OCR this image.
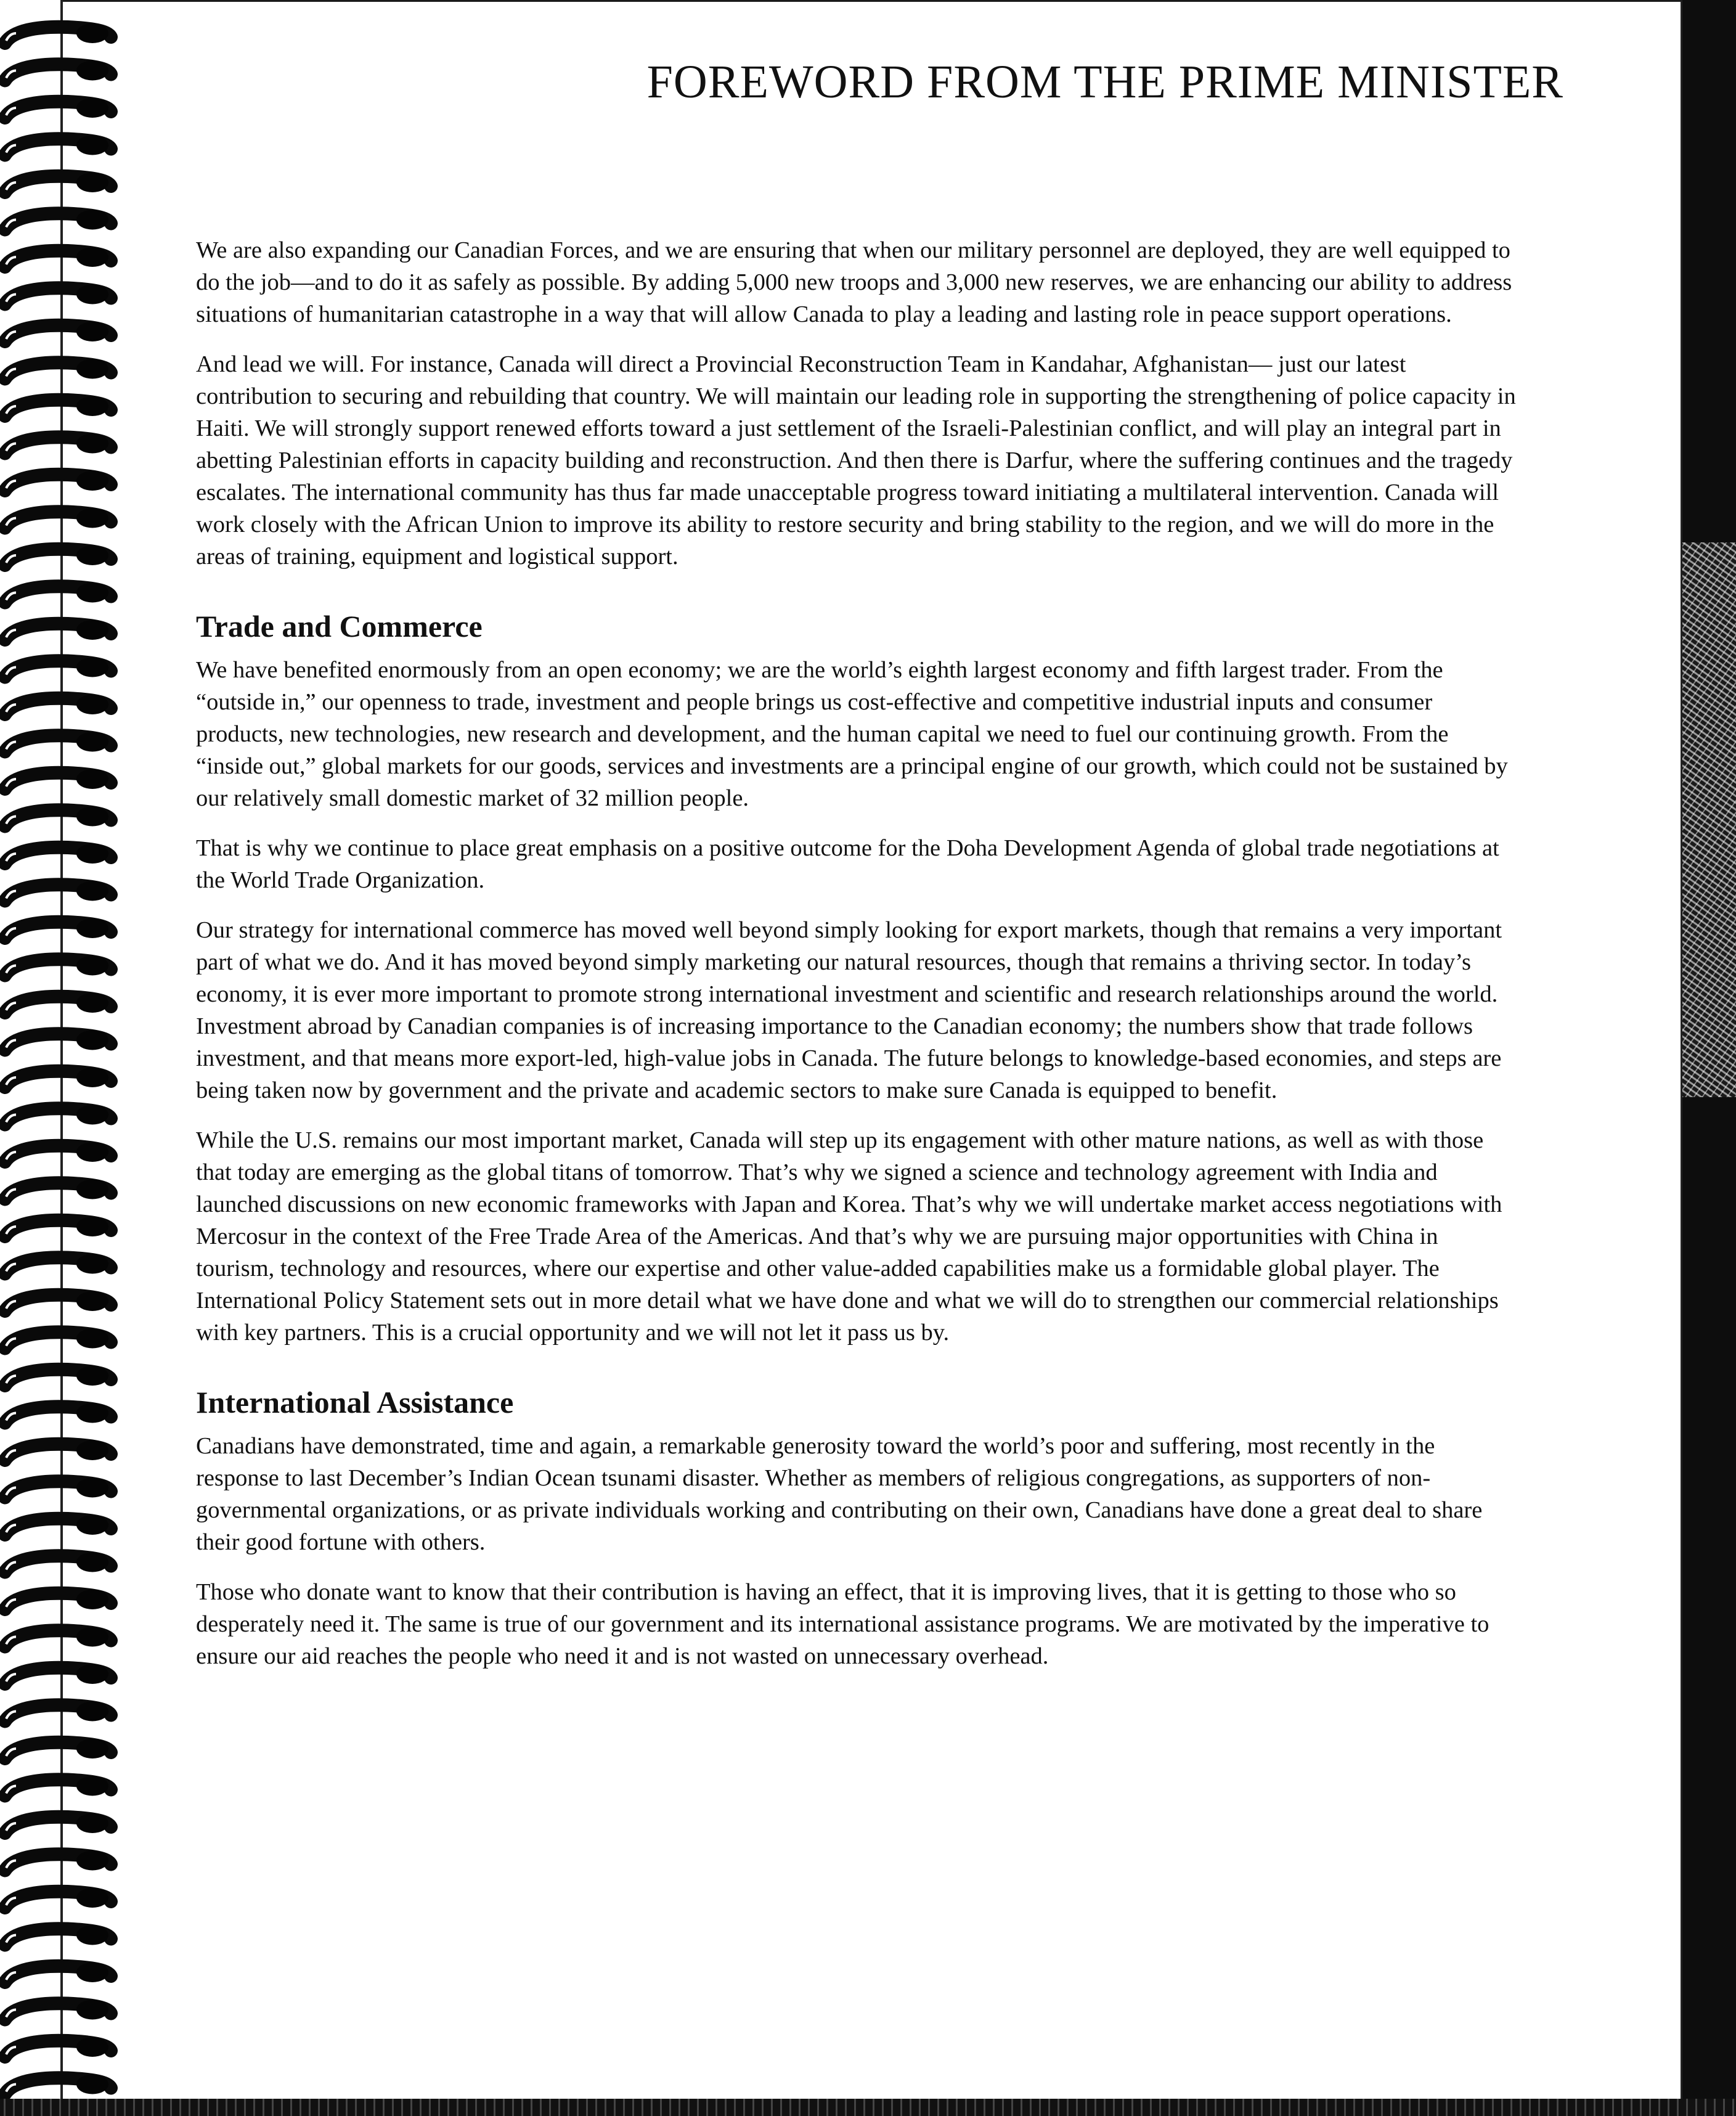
FOREWORD FROM THE PRIME MINISTER

We are also expanding our Canadian Forces, and we are ensuring that when our military personnel are deployed, they are well equipped to do the job—and to do it as safely as possible. By adding 5,000 new troops and 3,000 new reserves, we are enhancing our ability to address situations of humanitarian catastrophe in a way that will allow Canada to play a leading and lasting role in peace support operations.

And lead we will. For instance, Canada will direct a Provincial Reconstruction Team in Kandahar, Afghanistan— just our latest contribution to securing and rebuilding that country. We will maintain our leading role in supporting the strengthening of police capacity in Haiti. We will strongly support renewed efforts toward a just settlement of the Israeli-Palestinian conflict, and will play an integral part in abetting Palestinian efforts in capacity building and reconstruction. And then there is Darfur, where the suffering continues and the tragedy escalates. The international community has thus far made unacceptable progress toward initiating a multilateral intervention. Canada will work closely with the African Union to improve its ability to restore security and bring stability to the region, and we will do more in the areas of training, equipment and logistical support.

Trade and Commerce

We have benefited enormously from an open economy; we are the world’s eighth largest economy and fifth largest trader. From the “outside in,” our openness to trade, investment and people brings us cost-effective and competitive industrial inputs and consumer products, new technologies, new research and development, and the human capital we need to fuel our continuing growth. From the “inside out,” global markets for our goods, services and investments are a principal engine of our growth, which could not be sustained by our relatively small domestic market of 32 million people.

That is why we continue to place great emphasis on a positive outcome for the Doha Development Agenda of global trade negotiations at the World Trade Organization.

Our strategy for international commerce has moved well beyond simply looking for export markets, though that remains a very important part of what we do. And it has moved beyond simply marketing our natural resources, though that remains a thriving sector. In today’s economy, it is ever more important to promote strong international investment and scientific and research relationships around the world. Investment abroad by Canadian companies is of increasing importance to the Canadian economy; the numbers show that trade follows investment, and that means more export-led, high-value jobs in Canada. The future belongs to knowledge-based economies, and steps are being taken now by government and the private and academic sectors to make sure Canada is equipped to benefit.

While the U.S. remains our most important market, Canada will step up its engagement with other mature nations, as well as with those that today are emerging as the global titans of tomorrow. That’s why we signed a science and technology agreement with India and launched discussions on new economic frameworks with Japan and Korea. That’s why we will undertake market access negotiations with Mercosur in the context of the Free Trade Area of the Americas. And that’s why we are pursuing major opportunities with China in tourism, technology and resources, where our expertise and other value-added capabilities make us a formidable global player. The International Policy Statement sets out in more detail what we have done and what we will do to strengthen our commercial relationships with key partners. This is a crucial opportunity and we will not let it pass us by.

International Assistance

Canadians have demonstrated, time and again, a remarkable generosity toward the world’s poor and suffering, most recently in the response to last December’s Indian Ocean tsunami disaster. Whether as members of religious congregations, as supporters of non-governmental organizations, or as private individuals working and contributing on their own, Canadians have done a great deal to share their good fortune with others.

Those who donate want to know that their contribution is having an effect, that it is improving lives, that it is getting to those who so desperately need it. The same is true of our government and its international assistance programs. We are motivated by the imperative to ensure our aid reaches the people who need it and is not wasted on unnecessary overhead.
